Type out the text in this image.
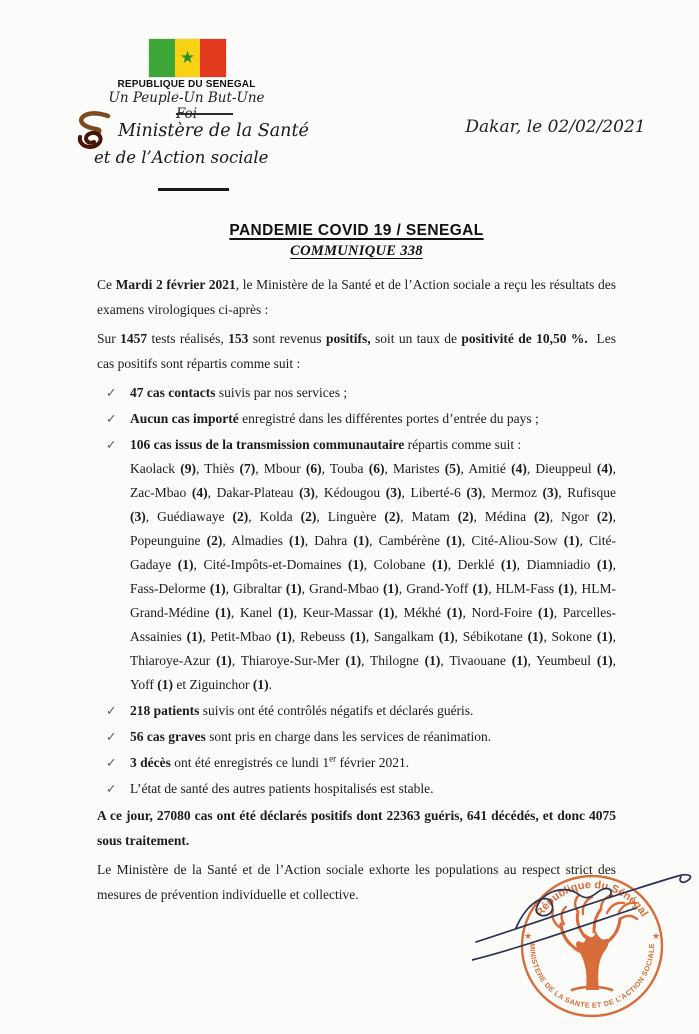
★
REPUBLIQUE DU SENEGAL
Un Peuple-Un But-Une Foi
Ministère de la Santé
et de l’Action sociale
Dakar, le 02/02/2021
PANDEMIE COVID 19 / SENEGAL
COMMUNIQUE 338

Ce Mardi 2 février 2021, le Ministère de la Santé et de l’Action sociale a reçu les résultats des examens virologiques ci-après :

Sur 1457 tests réalisés, 153 sont revenus positifs, soit un taux de positivité de 10,50 %.  Les cas positifs sont répartis comme suit :

✓ 47 cas contacts suivis par nos services ;
✓ Aucun cas importé enregistré dans les différentes portes d’entrée du pays ;
✓ 106 cas issus de la transmission communautaire répartis comme suit :
Kaolack (9), Thiès (7), Mbour (6), Touba (6), Maristes (5), Amitié (4), Dieuppeul (4), Zac-Mbao (4), Dakar-Plateau (3), Kédougou (3), Liberté-6 (3), Mermoz (3), Rufisque (3), Guédiawaye (2), Kolda (2), Linguère (2), Matam (2), Médina (2), Ngor (2), Popeunguine (2), Almadies (1), Dahra (1), Cambérène (1), Cité-Aliou-Sow (1), Cité-Gadaye (1), Cité-Impôts-et-Domaines (1), Colobane (1), Derklé (1), Diamniadio (1), Fass-Delorme (1), Gibraltar (1), Grand-Mbao (1), Grand-Yoff (1), HLM-Fass (1), HLM-Grand-Médine (1), Kanel (1), Keur-Massar (1), Mékhé (1), Nord-Foire (1), Parcelles-Assainies (1), Petit-Mbao (1), Rebeuss (1), Sangalkam (1), Sébikotane (1), Sokone (1), Thiaroye-Azur (1), Thiaroye-Sur-Mer (1), Thilogne (1), Tivaouane (1), Yeumbeul (1), Yoff (1) et Ziguinchor (1).
✓ 218 patients suivis ont été contrôlés négatifs et déclarés guéris.
✓ 56 cas graves sont pris en charge dans les services de réanimation.
✓ 3 décès ont été enregistrés ce lundi 1er février 2021.
✓ L’état de santé des autres patients hospitalisés est stable.

A ce jour, 27080 cas ont été déclarés positifs dont 22363 guéris, 641 décédés, et donc 4075 sous traitement.

Le Ministère de la Santé et de l’Action sociale exhorte les populations au respect strict des mesures de prévention individuelle et collective.

République du Sénégal
MINISTERE DE LA SANTE ET DE L’ACTION SOCIALE
★	★
